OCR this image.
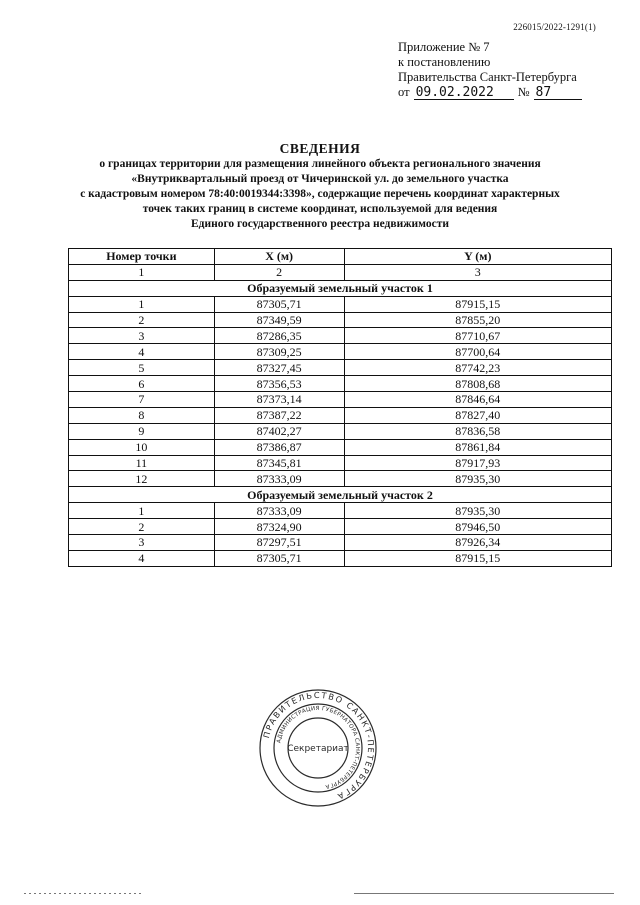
226015/2022-1291(1)
Приложение № 7
к постановлению
Правительства Санкт-Петербурга
от 09.02.2022	№ 87
СВЕДЕНИЯ
о границах территории для размещения линейного объекта регионального значения
«Внутриквартальный проезд от Чичеринской ул. до земельного участка
с кадастровым номером 78:40:0019344:3398», содержащие перечень координат характерных
точек таких границ в системе координат, используемой для ведения
Единого государственного реестра недвижимости
Номер точки	X (м)	Y (м)
1	2	3
Образуемый земельный участок 1		
1	87305,71	87915,15
2	87349,59	87855,20
3	87286,35	87710,67
4	87309,25	87700,64
5	87327,45	87742,23
6	87356,53	87808,68
7	87373,14	87846,64
8	87387,22	87827,40
9	87402,27	87836,58
10	87386,87	87861,84
11	87345,81	87917,93
12	87333,09	87935,30
Образуемый земельный участок 2		
1	87333,09	87935,30
2	87324,90	87946,50
3	87297,51	87926,34
4	87305,71	87915,15
ПРАВИТЕЛЬСТВО САНКТ-ПЕТЕРБУРГА
АДМИНИСТРАЦИЯ ГУБЕРНАТОРА САНКТ-ПЕТЕРБУРГА
Секретариат
